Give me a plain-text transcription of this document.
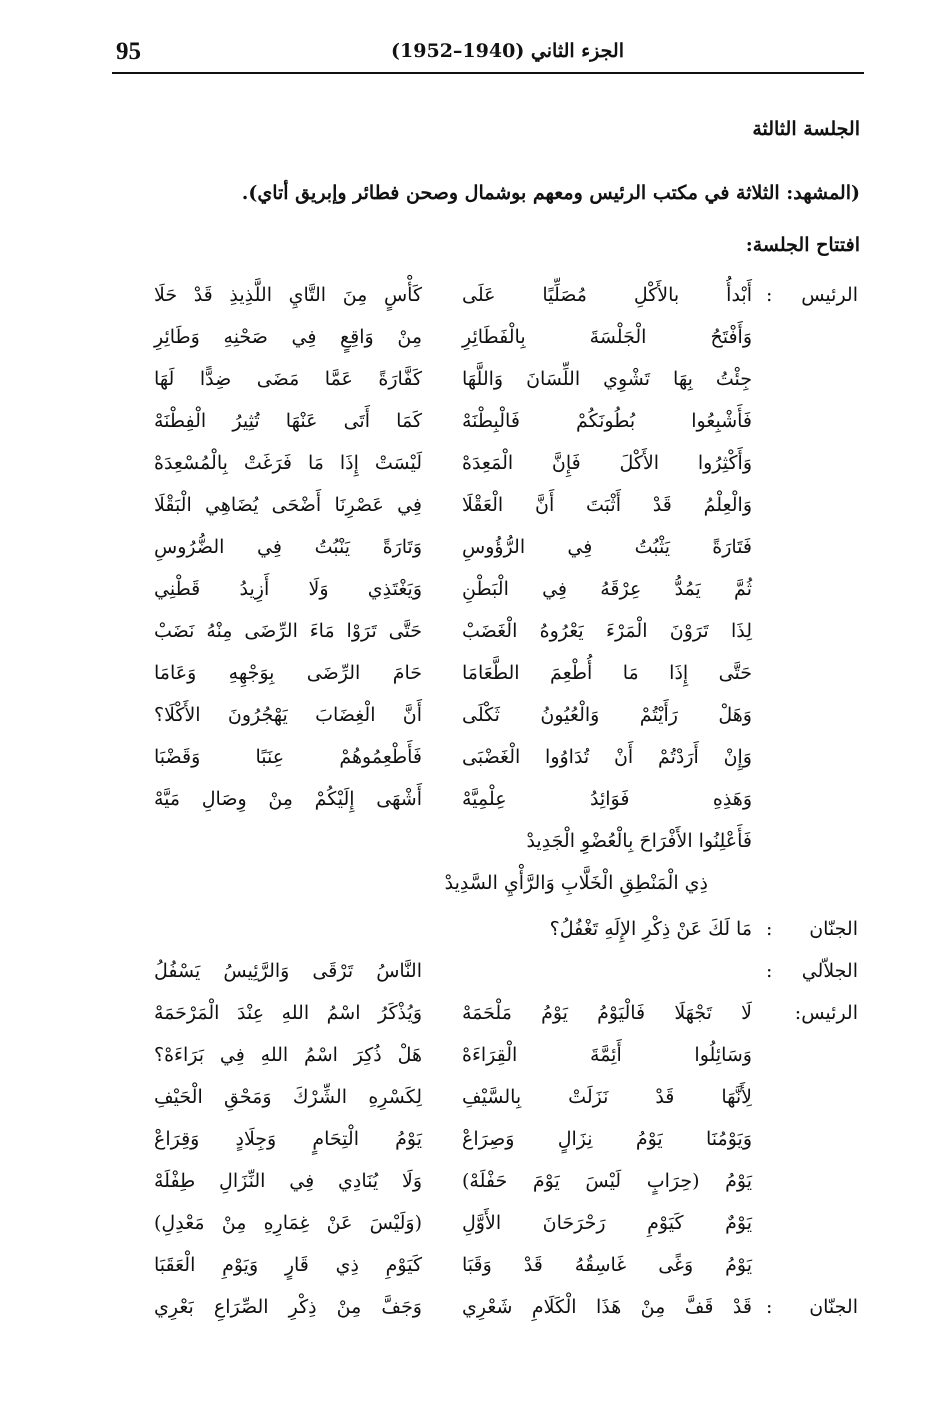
95	الجزء الثاني (1940–1952)
الجلسة الثالثة
(المشهد: الثلاثة في مكتب الرئيس ومعهم بوشمال وصحن فطائر وإبريق أتاي).
افتتاح الجلسة:
الرئيس
:
أَبْدأُ بالأَكْلِ مُصَلِّيًا عَلَى
كَأْسٍ مِنَ التَّايِ اللَّذِيذِ قَدْ حَلَا
وَأَفْتَحُ الْجَلْسَةَ بِالْفَطَائِرِ
مِنْ وَاقِعٍ فِي صَحْنِهِ وَطَائِرِ
جِئْتُ بِهَا تَشْوِي اللِّسَانَ وَاللَّهَا
كَفَّارَةً عَمَّا مَضَى ضِدًّا لَهَا
فَأَشْبِعُوا بُطُونَكُمْ فَالْبِطْنَهْ
كَمَا أَتَى عَنْهَا تُثِيرُ الْفِطْنَهْ
وَأَكْثِرُوا الأَكْلَ فَإِنَّ الْمَعِدَهْ
لَيْسَتْ إِذَا مَا فَرَغَتْ بِالْمُسْعِدَهْ
وَالْعِلْمُ قَدْ أَثْبَتَ أَنَّ الْعَقْلَا
فِي عَصْرِنَا أَضْحَى يُضَاهِي الْبَقْلَا
فَتَارَةً يَثْبُتُ فِي الرُّؤُوسِ
وَتَارَةً يَنْبُتُ فِي الضُّرُوسِ
ثُمَّ يَمُدُّ عِرْقَهُ فِي الْبَطْنِ
وَيَغْتَذِي وَلَا أَزِيدُ قَطْنِي
لِذَا تَرَوْنَ الْمَرْءَ يَعْرُوهُ الْغَضَبْ
حَتَّى تَرَوْا مَاءَ الرِّضَى مِنْهُ نَضَبْ
حَتَّى إِذَا مَا أُطْعِمَ الطَّعَامَا
حَامَ الرِّضَى بِوَجْهِهِ وَعَامَا
وَهَلْ رَأَيْتُمْ وَالْعُيُونُ ثَكْلَى
أَنَّ الْغِضَابَ يَهْجُرُونَ الأَكْلَا؟
وَإِنْ أَرَدْتُمْ أَنْ تُدَاوُوا الْغَضْبَى
فَأَطْعِمُوهُمْ عِنَبًا وَقَضْبَا
وَهَذِهِ فَوَائِدُ عِلْمِيَّهْ
أَشْهَى إِلَيْكُمْ مِنْ وِصَالِ مَيَّهْ
فَأَعْلِنُوا الأَفْرَاحَ بِالْعُضْوِ الْجَدِيدْ
ذِي الْمَنْطِقِ الْخَلَّابِ وَالرَّأْيِ السَّدِيدْ
الجنّان
:
مَا لَكَ عَنْ ذِكْرِ الإِلَهِ تَغْفُلُ؟
الجلاّلي
:
النَّاسُ تَرْقَى وَالرَّئِيسُ يَسْفُلُ
الرئيس:
لَا تَجْهَلَا فَالْيَوْمُ يَوْمُ مَلْحَمَهْ
وَيُذْكَرُ اسْمُ اللهِ عِنْدَ الْمَرْحَمَهْ
وَسَائِلُوا أَئِمَّةَ الْقِرَاءَهْ
هَلْ ذُكِرَ اسْمُ اللهِ فِي بَرَاءَهْ؟
لِأَنَّهَا قَدْ نَزَلَتْ بِالسَّيْفِ
لِكَسْرِهِ الشِّرْكَ وَمَحْقِ الْحَيْفِ
وَيَوْمُنَا يَوْمُ نِزَالٍ وَصِرَاعْ
يَوْمُ الْتِحَامٍ وَجِلَادٍ وَقِرَاعْ
يَوْمُ (حِرَابٍ لَيْسَ يَوْمَ حَفْلَهْ)
وَلَا يُنَادِي فِي النِّزَالِ طِفْلَهْ
يَوْمٌ كَيَوْمِ رَحْرَحَانَ الأَوَّلِ
(وَلَيْسَ عَنْ غِمَارِهِ مِنْ مَعْدِلِ)
يَوْمُ وَغًى غَاسِقُهُ قَدْ وَقَبَا
كَيَوْمِ ذِي قَارٍ وَيَوْمِ الْعَقَبَا
الجنّان
:
قَدْ قَفَّ مِنْ هَذَا الْكَلَامِ شَعْرِي
وَجَفَّ مِنْ ذِكْرِ الصِّرَاعِ بَعْرِي
